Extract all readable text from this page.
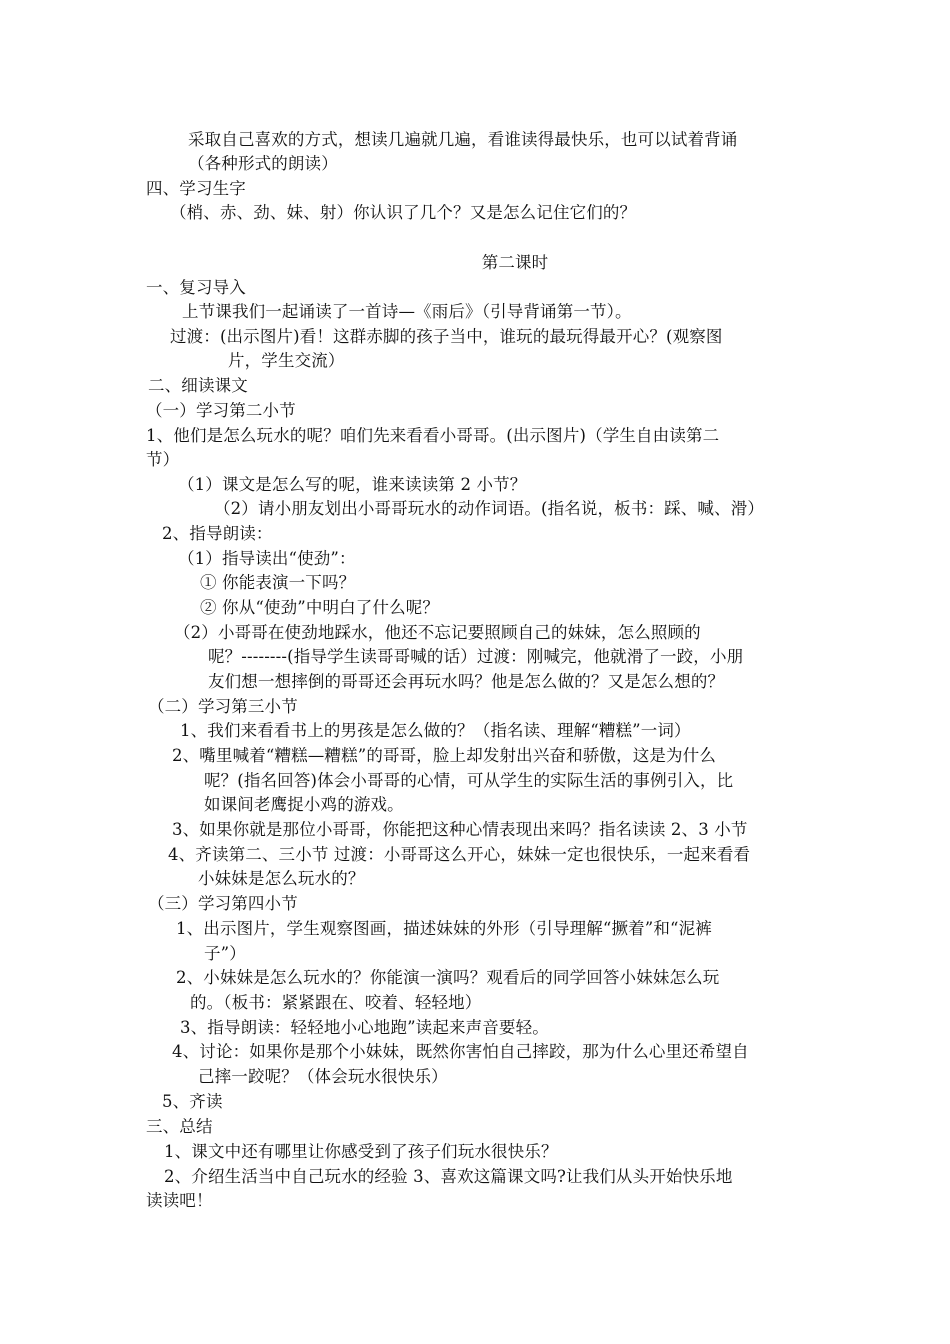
采取自己喜欢的方式，想读几遍就几遍，看谁读得最快乐，也可以试着背诵
（各种形式的朗读）
四、学习生字
（梢、赤、劲、妹、射）你认识了几个？又是怎么记住它们的？
第二课时
一、复习导入
上节课我们一起诵读了一首诗—《雨后》（引导背诵第一节）。
过渡：(出示图片)看！这群赤脚的孩子当中，谁玩的最玩得最开心？(观察图
片，学生交流）
二、细读课文
（一）学习第二小节
1、他们是怎么玩水的呢？咱们先来看看小哥哥。(出示图片)（学生自由读第二
节）
（1）课文是怎么写的呢，谁来读读第 2 小节？
（2）请小朋友划出小哥哥玩水的动作词语。(指名说，板书：踩、喊、滑）
2、指导朗读：
（1）指导读出“使劲”：
① 你能表演一下吗？
② 你从“使劲”中明白了什么呢？
（2）小哥哥在使劲地踩水，他还不忘记要照顾自己的妹妹，怎么照顾的
呢？--------(指导学生读哥哥喊的话）过渡：刚喊完，他就滑了一跤，小朋
友们想一想摔倒的哥哥还会再玩水吗？他是怎么做的？又是怎么想的？
（二）学习第三小节
1、我们来看看书上的男孩是怎么做的？（指名读、理解“糟糕”一词）
2、嘴里喊着“糟糕—糟糕”的哥哥，脸上却发射出兴奋和骄傲，这是为什么
呢？(指名回答)体会小哥哥的心情，可从学生的实际生活的事例引入，比
如课间老鹰捉小鸡的游戏。
3、如果你就是那位小哥哥，你能把这种心情表现出来吗？指名读读 2、3 小节
4、齐读第二、三小节 过渡：小哥哥这么开心，妹妹一定也很快乐，一起来看看
小妹妹是怎么玩水的？
（三）学习第四小节
1、出示图片，学生观察图画，描述妹妹的外形（引导理解“撅着”和“泥裤
子”）
2、小妹妹是怎么玩水的？你能演一演吗？观看后的同学回答小妹妹怎么玩
的。（板书：紧紧跟在、咬着、轻轻地）
3、指导朗读：轻轻地小心地跑”读起来声音要轻。
4、讨论：如果你是那个小妹妹，既然你害怕自己摔跤，那为什么心里还希望自
己摔一跤呢？（体会玩水很快乐）
5、齐读
三、总结
1、课文中还有哪里让你感受到了孩子们玩水很快乐？
2、介绍生活当中自己玩水的经验 3、喜欢这篇课文吗?让我们从头开始快乐地
读读吧！
